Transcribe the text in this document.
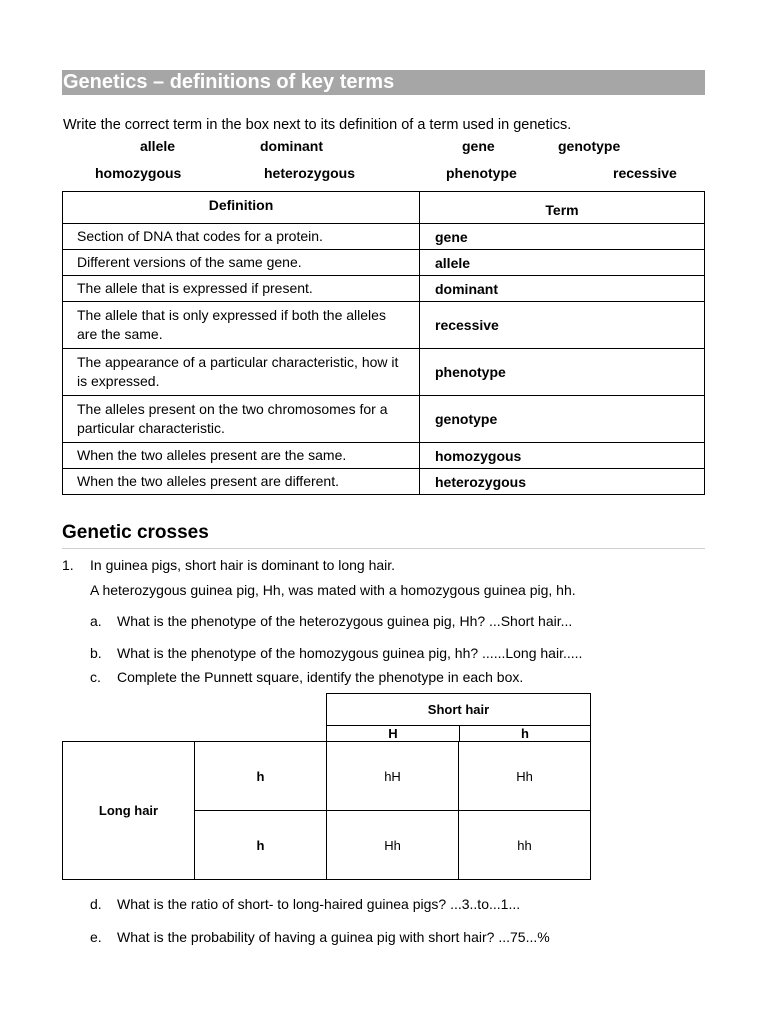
Genetics – definitions of key terms
Write the correct term in the box next to its definition of a term used in genetics.
allele	dominant	gene	genotype
homozygous	heterozygous	phenotype	recessive
Definition	Term
Section of DNA that codes for a protein.	gene
Different versions of the same gene.	allele
The allele that is expressed if present.	dominant
The allele that is only expressed if both the alleles are the same.	recessive
The appearance of a particular characteristic, how it is expressed.	phenotype
The alleles present on the two chromosomes for a particular characteristic.	genotype
When the two alleles present are the same.	homozygous
When the two alleles present are different.	heterozygous
Genetic crosses
1. In guinea pigs, short hair is dominant to long hair.
A heterozygous guinea pig, Hh, was mated with a homozygous guinea pig, hh.
a. What is the phenotype of the heterozygous guinea pig, Hh? ...Short hair...
b. What is the phenotype of the homozygous guinea pig, hh? ......Long hair.....
c. Complete the Punnett square, identify the phenotype in each box.
Short hair
H	h
Long hair	h	hH	Hh
	h	Hh	hh
d. What is the ratio of short- to long-haired guinea pigs? ...3..to...1...
e. What is the probability of having a guinea pig with short hair? ...75...%
